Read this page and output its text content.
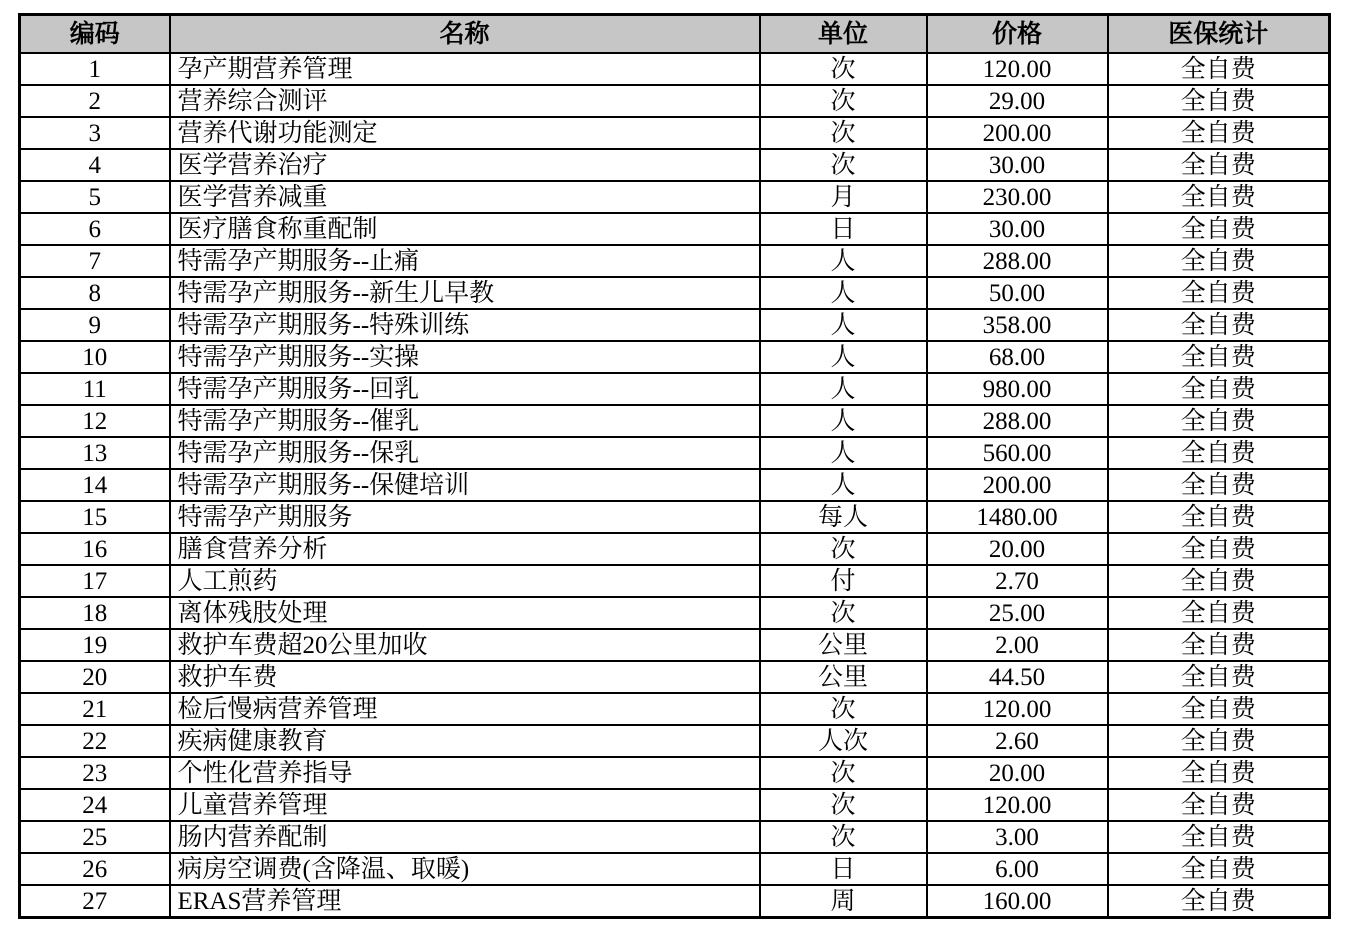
编码	名称	单位	价格	医保统计
1	孕产期营养管理	次	120.00	全自费
2	营养综合测评	次	29.00	全自费
3	营养代谢功能测定	次	200.00	全自费
4	医学营养治疗	次	30.00	全自费
5	医学营养减重	月	230.00	全自费
6	医疗膳食称重配制	日	30.00	全自费
7	特需孕产期服务--止痛	人	288.00	全自费
8	特需孕产期服务--新生儿早教	人	50.00	全自费
9	特需孕产期服务--特殊训练	人	358.00	全自费
10	特需孕产期服务--实操	人	68.00	全自费
11	特需孕产期服务--回乳	人	980.00	全自费
12	特需孕产期服务--催乳	人	288.00	全自费
13	特需孕产期服务--保乳	人	560.00	全自费
14	特需孕产期服务--保健培训	人	200.00	全自费
15	特需孕产期服务	每人	1480.00	全自费
16	膳食营养分析	次	20.00	全自费
17	人工煎药	付	2.70	全自费
18	离体残肢处理	次	25.00	全自费
19	救护车费超20公里加收	公里	2.00	全自费
20	救护车费	公里	44.50	全自费
21	检后慢病营养管理	次	120.00	全自费
22	疾病健康教育	人次	2.60	全自费
23	个性化营养指导	次	20.00	全自费
24	儿童营养管理	次	120.00	全自费
25	肠内营养配制	次	3.00	全自费
26	病房空调费(含降温、取暖)	日	6.00	全自费
27	ERAS营养管理	周	160.00	全自费
